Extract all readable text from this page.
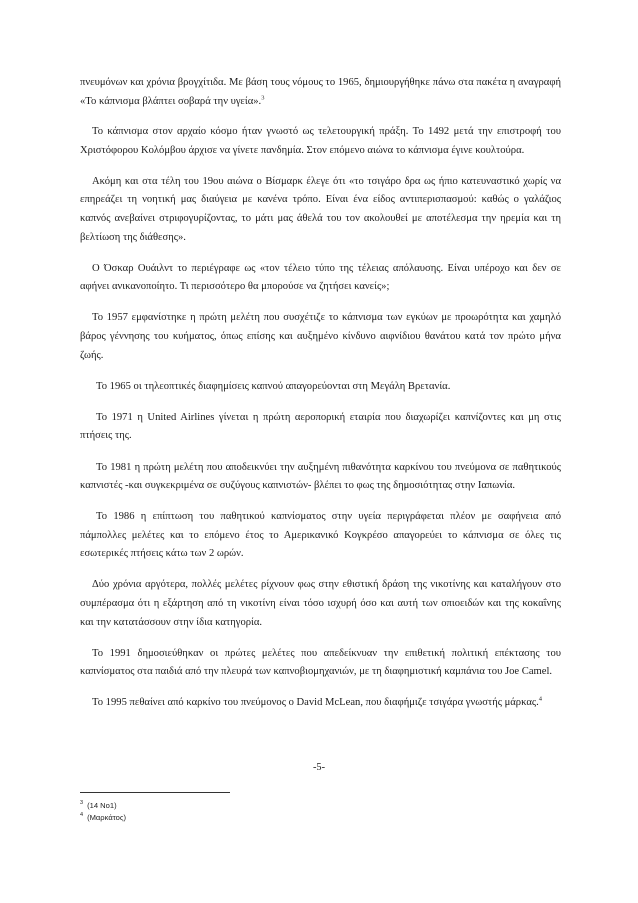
πνευμόνων και χρόνια βρογχίτιδα. Με βάση τους νόμους το 1965, δημιουργήθηκε πάνω στα πακέτα η αναγραφή «Το κάπνισμα βλάπτει σοβαρά την υγεία».$^3$

Το κάπνισμα στον αρχαίο κόσμο ήταν γνωστό ως τελετουργική πράξη. Το 1492 μετά την επιστροφή του Χριστόφορου Κολόμβου άρχισε να γίνετε πανδημία. Στον επόμενο αιώνα το κάπνισμα έγινε κουλτούρα.

Ακόμη και στα τέλη του 19ου αιώνα ο Βίσμαρκ έλεγε ότι «το τσιγάρο δρα ως ήπιο κατευναστικό χωρίς να επηρεάζει τη νοητική μας διαύγεια με κανένα τρόπο. Είναι ένα είδος αντιπερισπασμού: καθώς ο γαλάζιος καπνός ανεβαίνει στριφογυρίζοντας, το μάτι μας άθελά του τον ακολουθεί με αποτέλεσμα την ηρεμία και τη βελτίωση της διάθεσης».

Ο Όσκαρ Ουάιλντ το περιέγραφε ως «τον τέλειο τύπο της τέλειας απόλαυσης. Είναι υπέροχο και δεν σε αφήνει ανικανοποίητο. Τι περισσότερο θα μπορούσε να ζητήσει κανείς»;

Το 1957 εμφανίστηκε η πρώτη μελέτη που συσχέτιζε το κάπνισμα των εγκύων με προωρότητα και χαμηλό βάρος γέννησης του κυήματος, όπως επίσης και αυξημένο κίνδυνο αιφνίδιου θανάτου κατά τον πρώτο μήνα ζωής.

Το 1965 οι τηλεοπτικές διαφημίσεις καπνού απαγορεύονται στη Μεγάλη Βρετανία.

Το 1971 η United Airlines γίνεται η πρώτη αεροπορική εταιρία που διαχωρίζει καπνίζοντες και μη στις πτήσεις της.

Το 1981 η πρώτη μελέτη που αποδεικνύει την αυξημένη πιθανότητα καρκίνου του πνεύμονα σε παθητικούς καπνιστές -και συγκεκριμένα σε συζύγους καπνιστών- βλέπει το φως της δημοσιότητας στην Ιαπωνία.

Το 1986 η επίπτωση του παθητικού καπνίσματος στην υγεία περιγράφεται πλέον με σαφήνεια από πάμπολλες μελέτες και το επόμενο έτος το Αμερικανικό Κογκρέσο απαγορεύει το κάπνισμα σε όλες τις εσωτερικές πτήσεις κάτω των 2 ωρών.

Δύο χρόνια αργότερα, πολλές μελέτες ρίχνουν φως στην εθιστική δράση της νικοτίνης και καταλήγουν στο συμπέρασμα ότι η εξάρτηση από τη νικοτίνη είναι τόσο ισχυρή όσο και αυτή των οπιοειδών και της κοκαΐνης και την κατατάσσουν στην ίδια κατηγορία.

Το 1991 δημοσιεύθηκαν οι πρώτες μελέτες που απεδείκνυαν την επιθετική πολιτική επέκτασης του καπνίσματος στα παιδιά από την πλευρά των καπνοβιομηχανιών, με τη διαφημιστική καμπάνια του Joe Camel.

Το 1995 πεθαίνει από καρκίνο του πνεύμονος ο David McLean, που διαφήμιζε τσιγάρα γνωστής μάρκας.$^4$

-5-
$^3$ (14 No1)
$^4$ (Μαρκάτος)
